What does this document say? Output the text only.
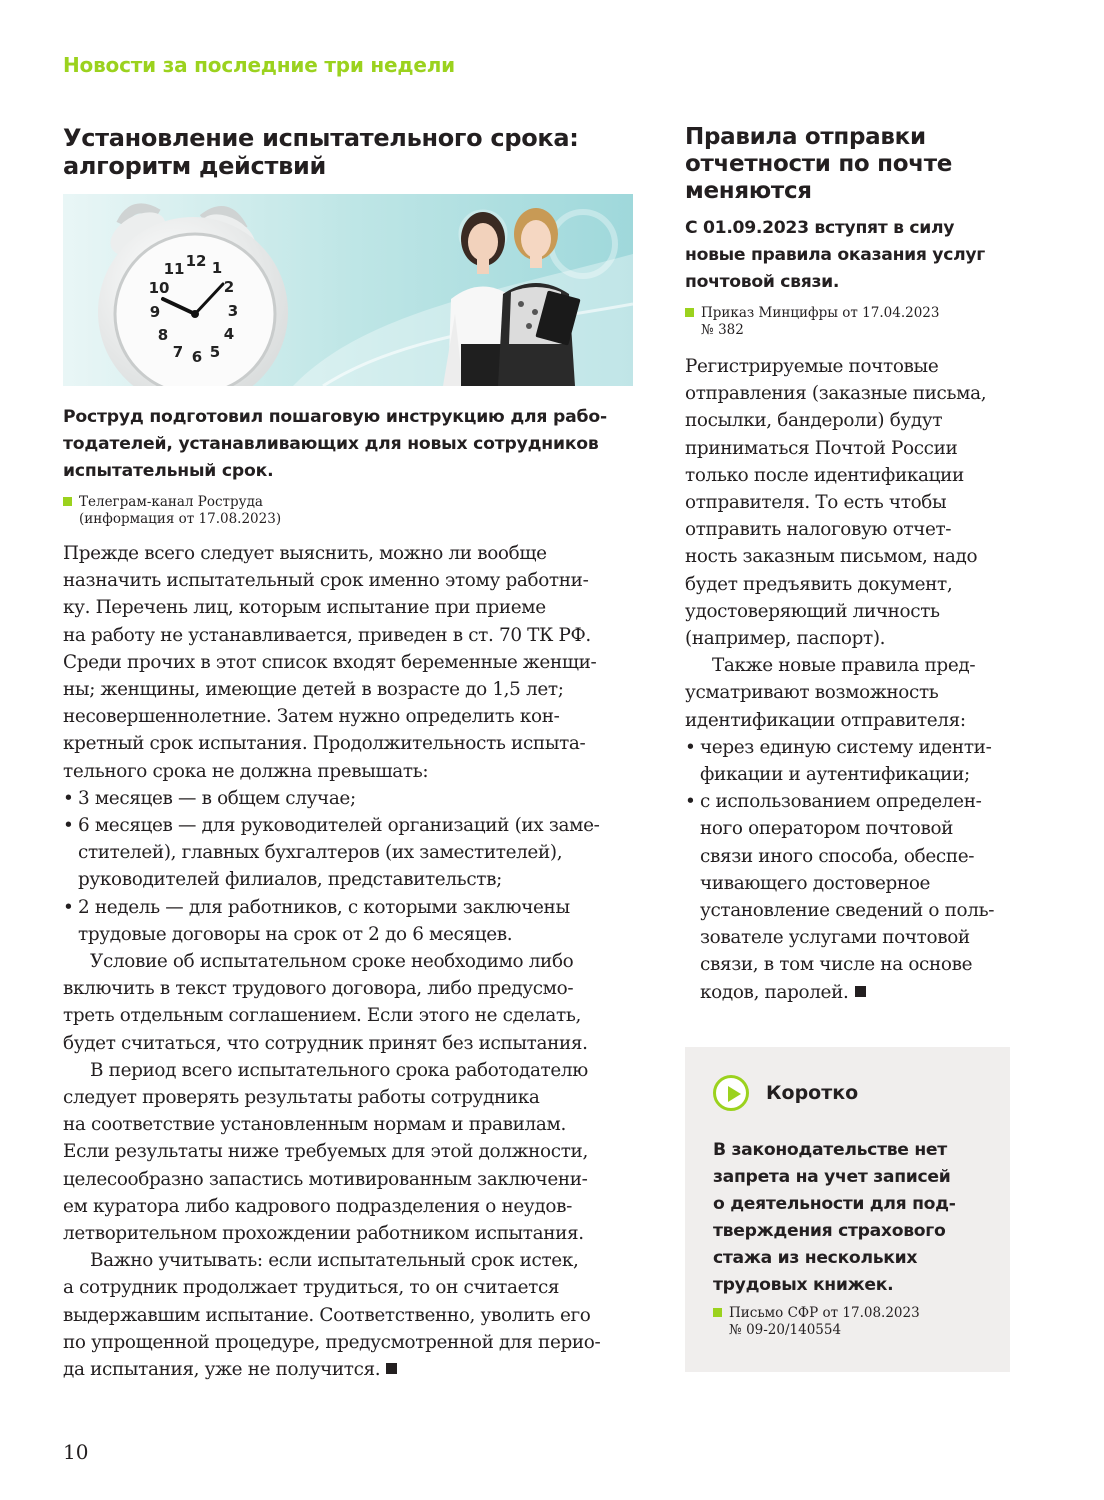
Новости за последние три недели
Установление испытательного срока:
алгоритм действий
12 1
2
3
4
5
6
7
8
9
10
11

Роструд подготовил пошаговую инструкцию для рабо-
тодателей, устанавливающих для новых сотрудников
испытательный срок.

Телеграм-канал Роструда
(информация от 17.08.2023)

Прежде всего следует выяснить, можно ли вообще
назначить испытательный срок именно этому работни-
ку. Перечень лиц, которым испытание при приеме
на работу не устанавливается, приведен в ст. 70 ТК РФ.
Среди прочих в этот список входят беременные женщи-
ны; женщины, имеющие детей в возрасте до 1,5 лет;
несовершеннолетние. Затем нужно определить кон-
кретный срок испытания. Продолжительность испыта-
тельного срока не должна превышать:

• 3 месяцев — в общем случае;
• 6 месяцев — для руководителей организаций (их заме-
стителей), главных бухгалтеров (их заместителей),
руководителей филиалов, представительств;
• 2 недель — для работников, с которыми заключены
трудовые договоры на срок от 2 до 6 месяцев.

Условие об испытательном сроке необходимо либо
включить в текст трудового договора, либо предусмо-
треть отдельным соглашением. Если этого не сделать,
будет считаться, что сотрудник принят без испытания.

В период всего испытательного срока работодателю
следует проверять результаты работы сотрудника
на соответствие установленным нормам и правилам.
Если результаты ниже требуемых для этой должности,
целесообразно запастись мотивированным заключени-
ем куратора либо кадрового подразделения о неудов-
летворительном прохождении работником испытания.

Важно учитывать: если испытательный срок истек,
а сотрудник продолжает трудиться, то он считается
выдержавшим испытание. Соответственно, уволить его
по упрощенной процедуре, предусмотренной для перио-
да испытания, уже не получится.

Правила отправки
отчетности по почте
меняются

С 01.09.2023 вступят в силу
новые правила оказания услуг
почтовой связи.

Приказ Минцифры от 17.04.2023
№ 382

Регистрируемые почтовые
отправления (заказные письма,
посылки, бандероли) будут
приниматься Почтой России
только после идентификации
отправителя. То есть чтобы
отправить налоговую отчет-
ность заказным письмом, надо
будет предъявить документ,
удостоверяющий личность
(например, паспорт).

Также новые правила пред-
усматривают возможность
идентификации отправителя:

• через единую систему иденти-
фикации и аутентификации;
• с использованием определен-
ного оператором почтовой
связи иного способа, обеспе-
чивающего достоверное
установление сведений о поль-
зователе услугами почтовой
связи, в том числе на основе
кодов, паролей.
Коротко
В законодательстве нет
запрета на учет записей
о деятельности для под-
тверждения страхового
стажа из нескольких
трудовых книжек.
Письмо СФР от 17.08.2023
№ 09-20/140554
10
